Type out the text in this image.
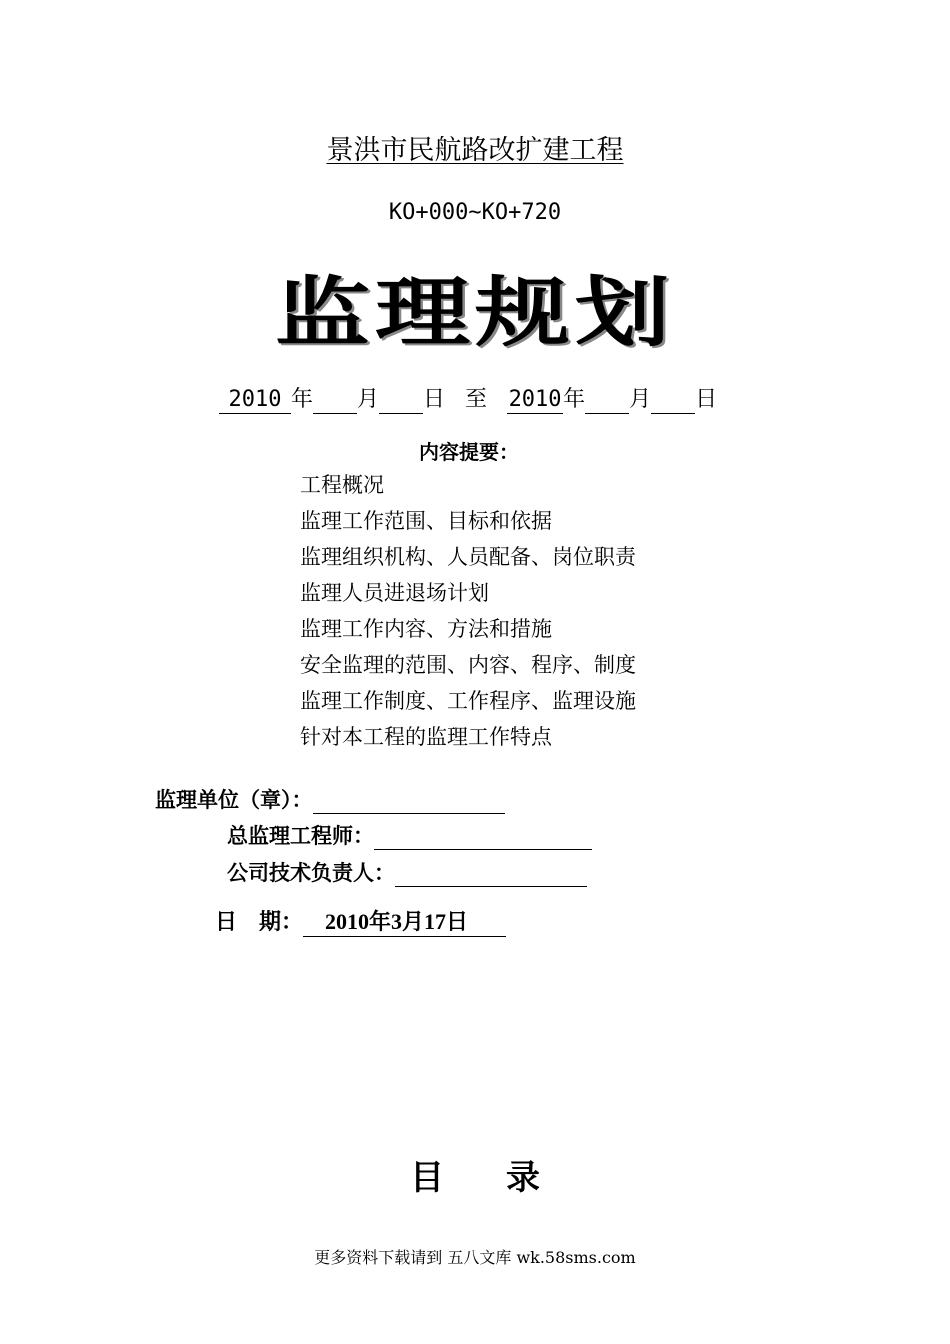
景洪市民航路改扩建工程
KO+000~KO+720
监理规划
2010 年 月 日 至 2010年 月 日
内容提要：
工程概况
监理工作范围、目标和依据
监理组织机构、人员配备、岗位职责
监理人员进退场计划
监理工作内容、方法和措施
安全监理的范围、内容、程序、制度
监理工作制度、工作程序、监理设施
针对本工程的监理工作特点
监理单位（章）：
总监理工程师：
公司技术负责人：
日　期： 2010年3月17日
目录
更多资料下载请到 五八文库 wk.58sms.com
